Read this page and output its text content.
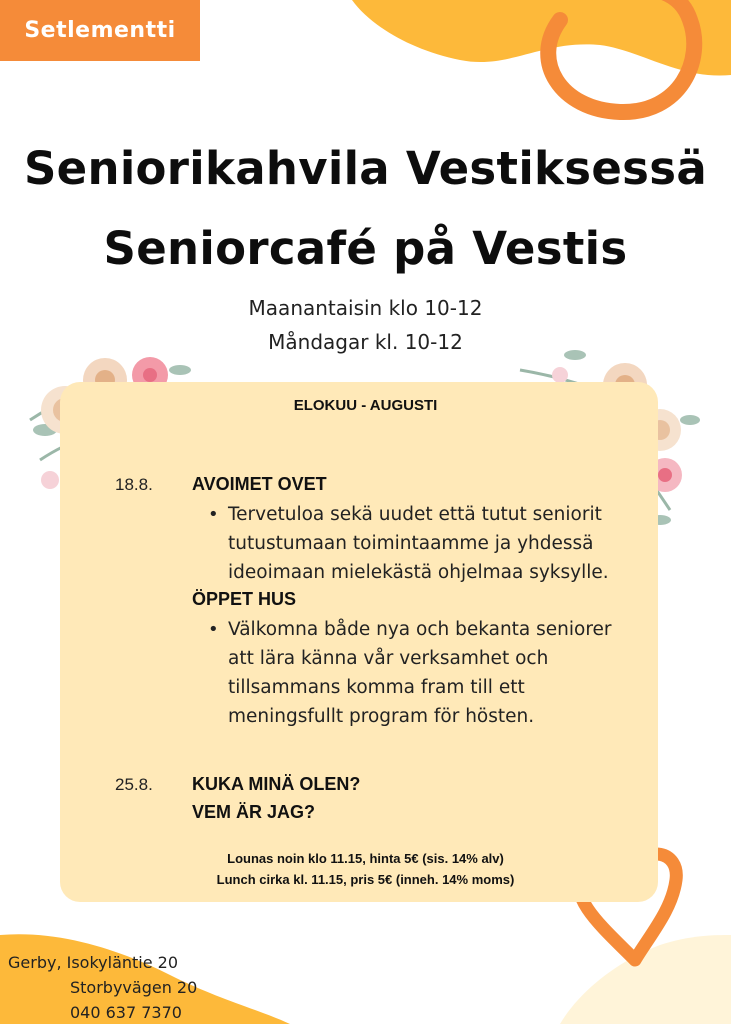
Setlementti
Seniorikahvila Vestiksessä
Seniorcafé på Vestis
Maanantaisin klo 10-12
Måndagar kl. 10-12
ELOKUU - AUGUSTI
18.8. AVOIMET OVET
• Tervetuloa sekä uudet että tutut seniorit
tutustumaan toimintaamme ja yhdessä
ideoimaan mielekästä ohjelmaa syksylle.
ÖPPET HUS
• Välkomna både nya och bekanta seniorer
att lära känna vår verksamhet och
tillsammans komma fram till ett
meningsfullt program för hösten.
25.8. KUKA MINÄ OLEN?
VEM ÄR JAG?
Lounas noin klo 11.15, hinta 5€ (sis. 14% alv)
Lunch cirka kl. 11.15, pris 5€ (inneh. 14% moms)
Gerby, Isokyläntie 20
Storbyvägen 20
040 637 7370
